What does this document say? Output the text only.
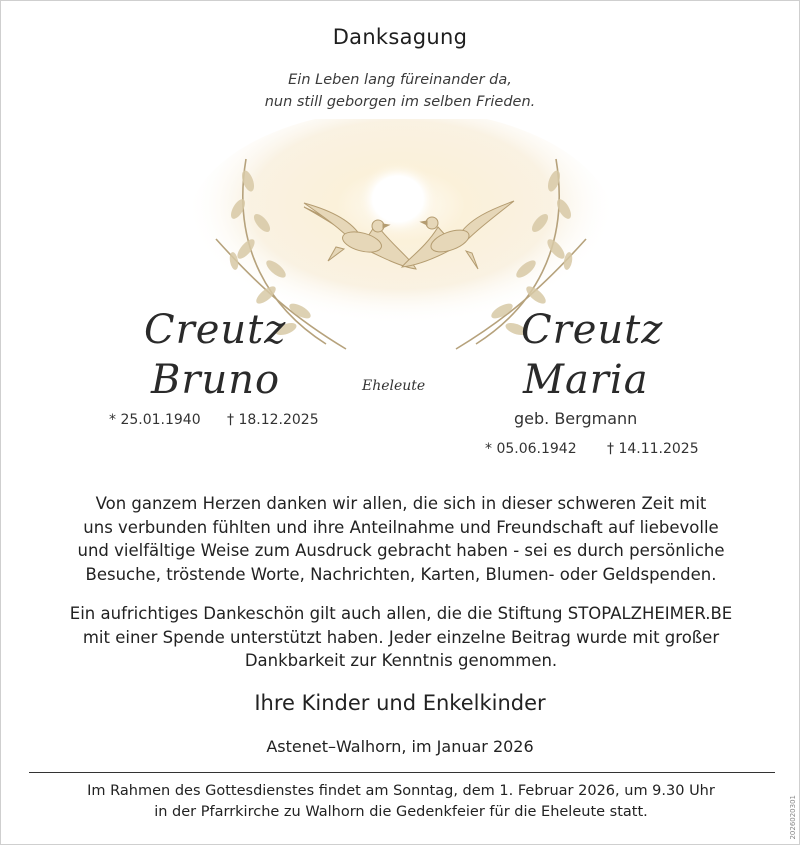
Danksagung
Ein Leben lang füreinander da,
nun still geborgen im selben Frieden.
Creutz
Bruno	Eheleute
Creutz
Maria
* 25.01.1940 † 18.12.2025	geb. Bergmann
* 05.06.1942 † 14.11.2025
Von ganzem Herzen danken wir allen, die sich in dieser schweren Zeit mit
uns verbunden fühlten und ihre Anteilnahme und Freundschaft auf liebevolle
und vielfältige Weise zum Ausdruck gebracht haben - sei es durch persönliche
Besuche, tröstende Worte, Nachrichten, Karten, Blumen- oder Geldspenden.
Ein aufrichtiges Dankeschön gilt auch allen, die die Stiftung STOPALZHEIMER.BE
mit einer Spende unterstützt haben. Jeder einzelne Beitrag wurde mit großer
Dankbarkeit zur Kenntnis genommen.
Ihre Kinder und Enkelkinder
Astenet–Walhorn, im Januar 2026
Im Rahmen des Gottesdienstes findet am Sonntag, dem 1. Februar 2026, um 9.30 Uhr
in der Pfarrkirche zu Walhorn die Gedenkfeier für die Eheleute statt.	2026020301
